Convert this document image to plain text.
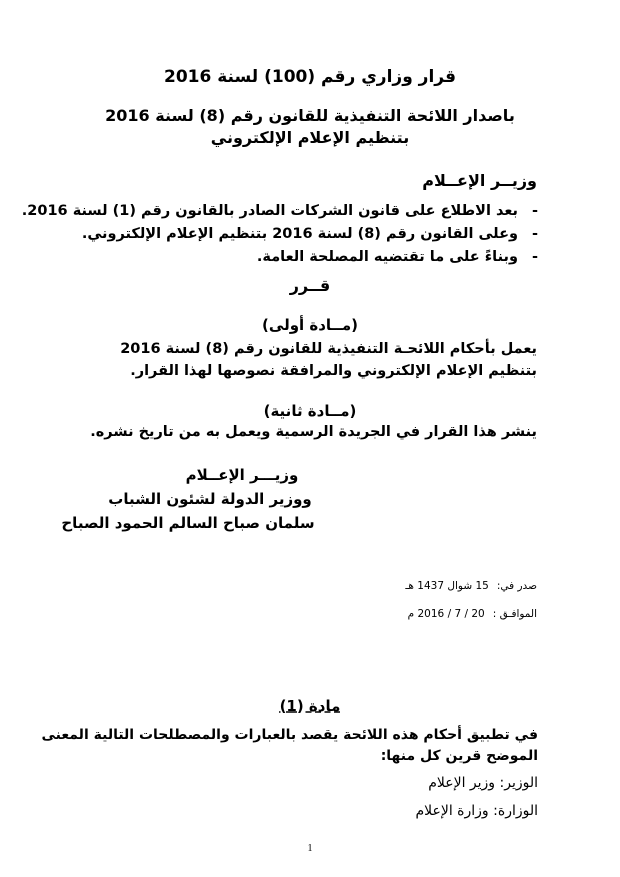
قرار وزاري رقم (100) لسنة 2016
باصدار اللائحة التنفيذية للقانون رقم (8) لسنة 2016
بتنظيم الإعلام الإلكتروني
وزيــر الإعــلام
-
بعد الاطلاع على قانون الشركات الصادر بالقانون رقم (1) لسنة 2016.
-
وعلى القانون رقم (8) لسنة 2016 بتنظيم الإعلام الإلكتروني.
-
وبناءً على ما تقتضيه المصلحة العامة.
قــرر
(مــادة أولى)
يعمل بأحكام اللائحـة التنفيذية للقانون رقم (8) لسنة 2016 بتنظيم الإعلام الإلكتروني والمرافقة نصوصها لهذا القرار.
(مــادة ثانية)
ينشر هذا القرار في الجريدة الرسمية ويعمل به من تاريخ نشره.
وزيـــر الإعــلام
ووزير الدولة لشئون الشباب
سلمان صباح السالم الحمود الصباح
صدر في:15 شوال 1437 هـ
الموافـق :20 / 7 / 2016 م
مادة (1)
في تطبيق أحكام هذه اللائحة يقصد بالعبارات والمصطلحات التالية المعنى
الموضح قرين كل منها:
الوزير: وزير الإعلام
الوزارة: وزارة الإعلام
1
